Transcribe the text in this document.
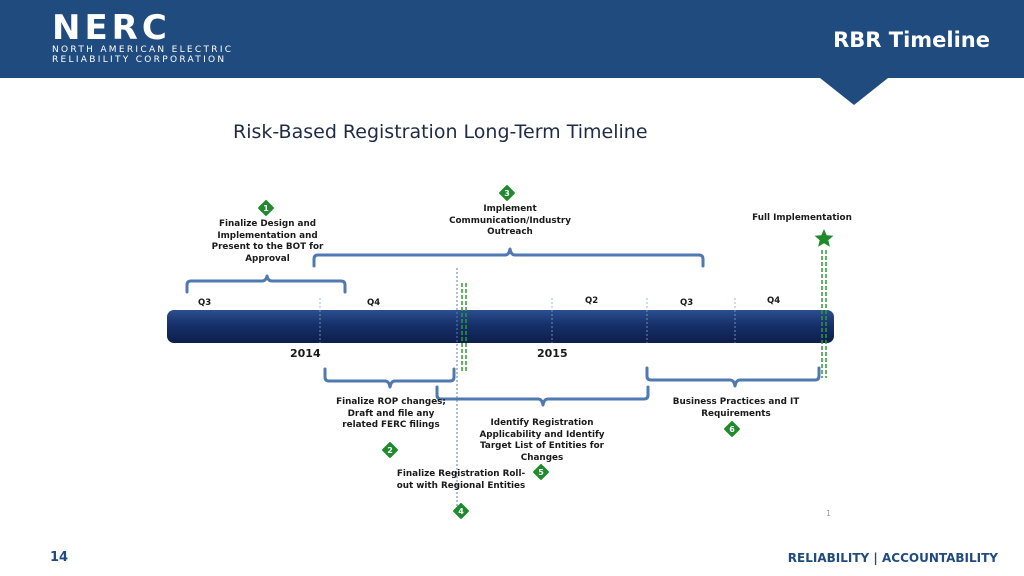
NERC
NORTH AMERICAN ELECTRIC
RELIABILITY CORPORATION
RBR Timeline
Risk-Based Registration Long-Term Timeline
1
2
3
4
5
6
Q3	Q4	Q2	Q3	Q4
2014	2015
Finalize Design and Implementation and Present to the BOT for Approval
Finalize ROP changes; Draft and file any related FERC filings
Implement Communication/Industry Outreach
Finalize Registration Roll-out with Regional Entities
Identify Registration Applicability and Identify Target List of Entities for Changes
Business Practices and IT Requirements
Full Implementation
1
14	RELIABILITY | ACCOUNTABILITY
